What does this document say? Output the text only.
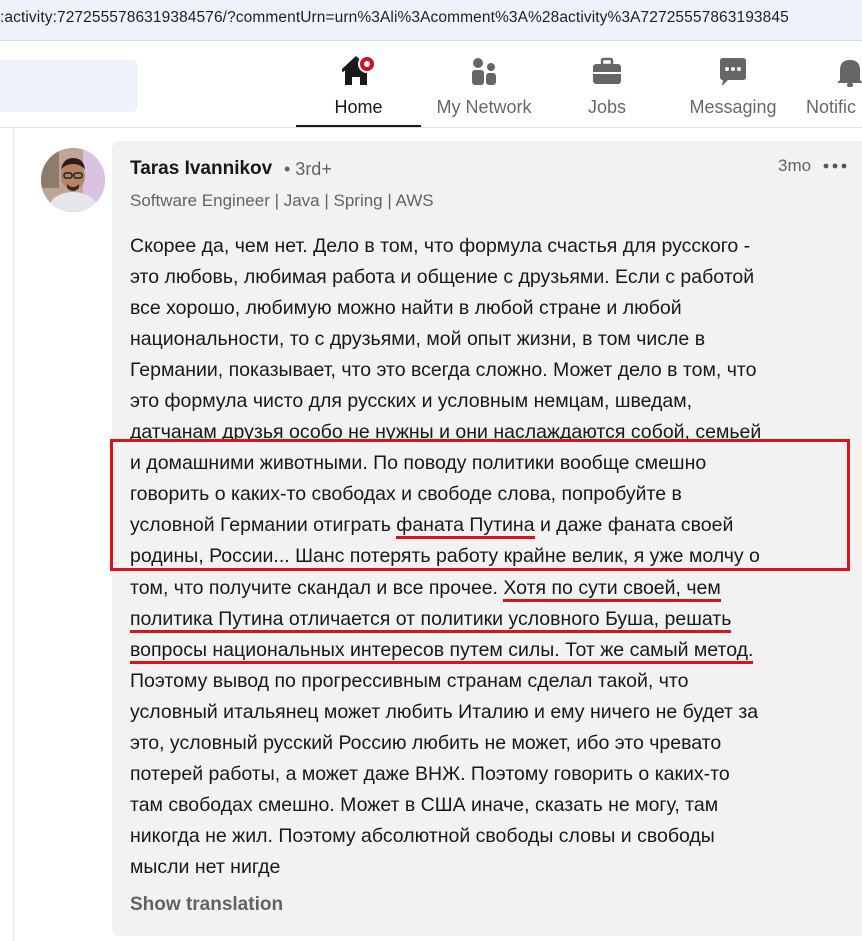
:activity:7272555786319384576/?commentUrn=urn%3Ali%3Acomment%3A%28activity%3A72725557863193845
Home	My Network	Jobs	Messaging	Notific
Taras Ivannikov • 3rd+
Software Engineer | Java | Spring | AWS
3mo
Скорее да, чем нет. Дело в том, что формула счастья для русского -
это любовь, любимая работа и общение с друзьями. Если с работой
все хорошо, любимую можно найти в любой стране и любой
национальности, то с друзьями, мой опыт жизни, в том числе в
Германии, показывает, что это всегда сложно. Может дело в том, что
это формула чисто для русских и условным немцам, шведам,
датчанам друзья особо не нужны и они наслаждаются собой, семьей
и домашними животными. По поводу политики вообще смешно
говорить о каких-то свободах и свободе слова, попробуйте в
условной Германии отиграть фаната Путина и даже фаната своей
родины, России... Шанс потерять работу крайне велик, я уже молчу о
том, что получите скандал и все прочее. Хотя по сути своей, чем
политика Путина отличается от политики условного Буша, решать
вопросы национальных интересов путем силы. Тот же самый метод.
Поэтому вывод по прогрессивным странам сделал такой, что
условный итальянец может любить Италию и ему ничего не будет за
это, условный русский Россию любить не может, ибо это чревато
потерей работы, а может даже ВНЖ. Поэтому говорить о каких-то
там свободах смешно. Может в США иначе, сказать не могу, там
никогда не жил. Поэтому абсолютной свободы словы и свободы
мысли нет нигде
Show translation
